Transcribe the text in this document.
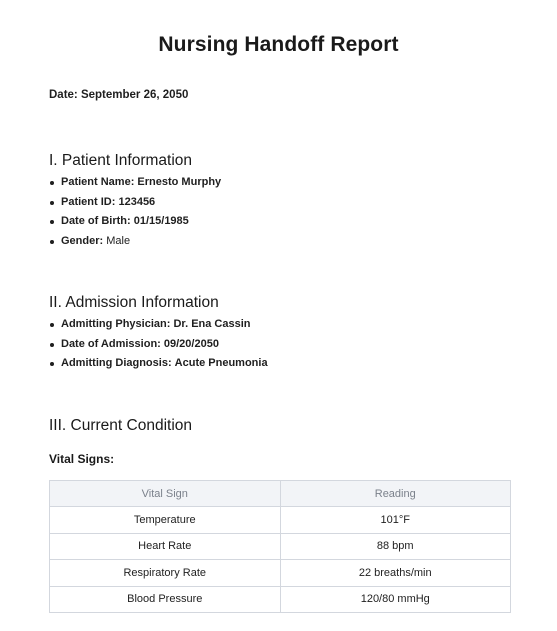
Nursing Handoff Report
Date: September 26, 2050
I. Patient Information
Patient Name: Ernesto Murphy
Patient ID: 123456
Date of Birth: 01/15/1985
Gender: Male
II. Admission Information
Admitting Physician: Dr. Ena Cassin
Date of Admission: 09/20/2050
Admitting Diagnosis: Acute Pneumonia
III. Current Condition
Vital Signs:
Vital Sign	Reading
Temperature	101°F
Heart Rate	88 bpm
Respiratory Rate	22 breaths/min
Blood Pressure	120/80 mmHg
